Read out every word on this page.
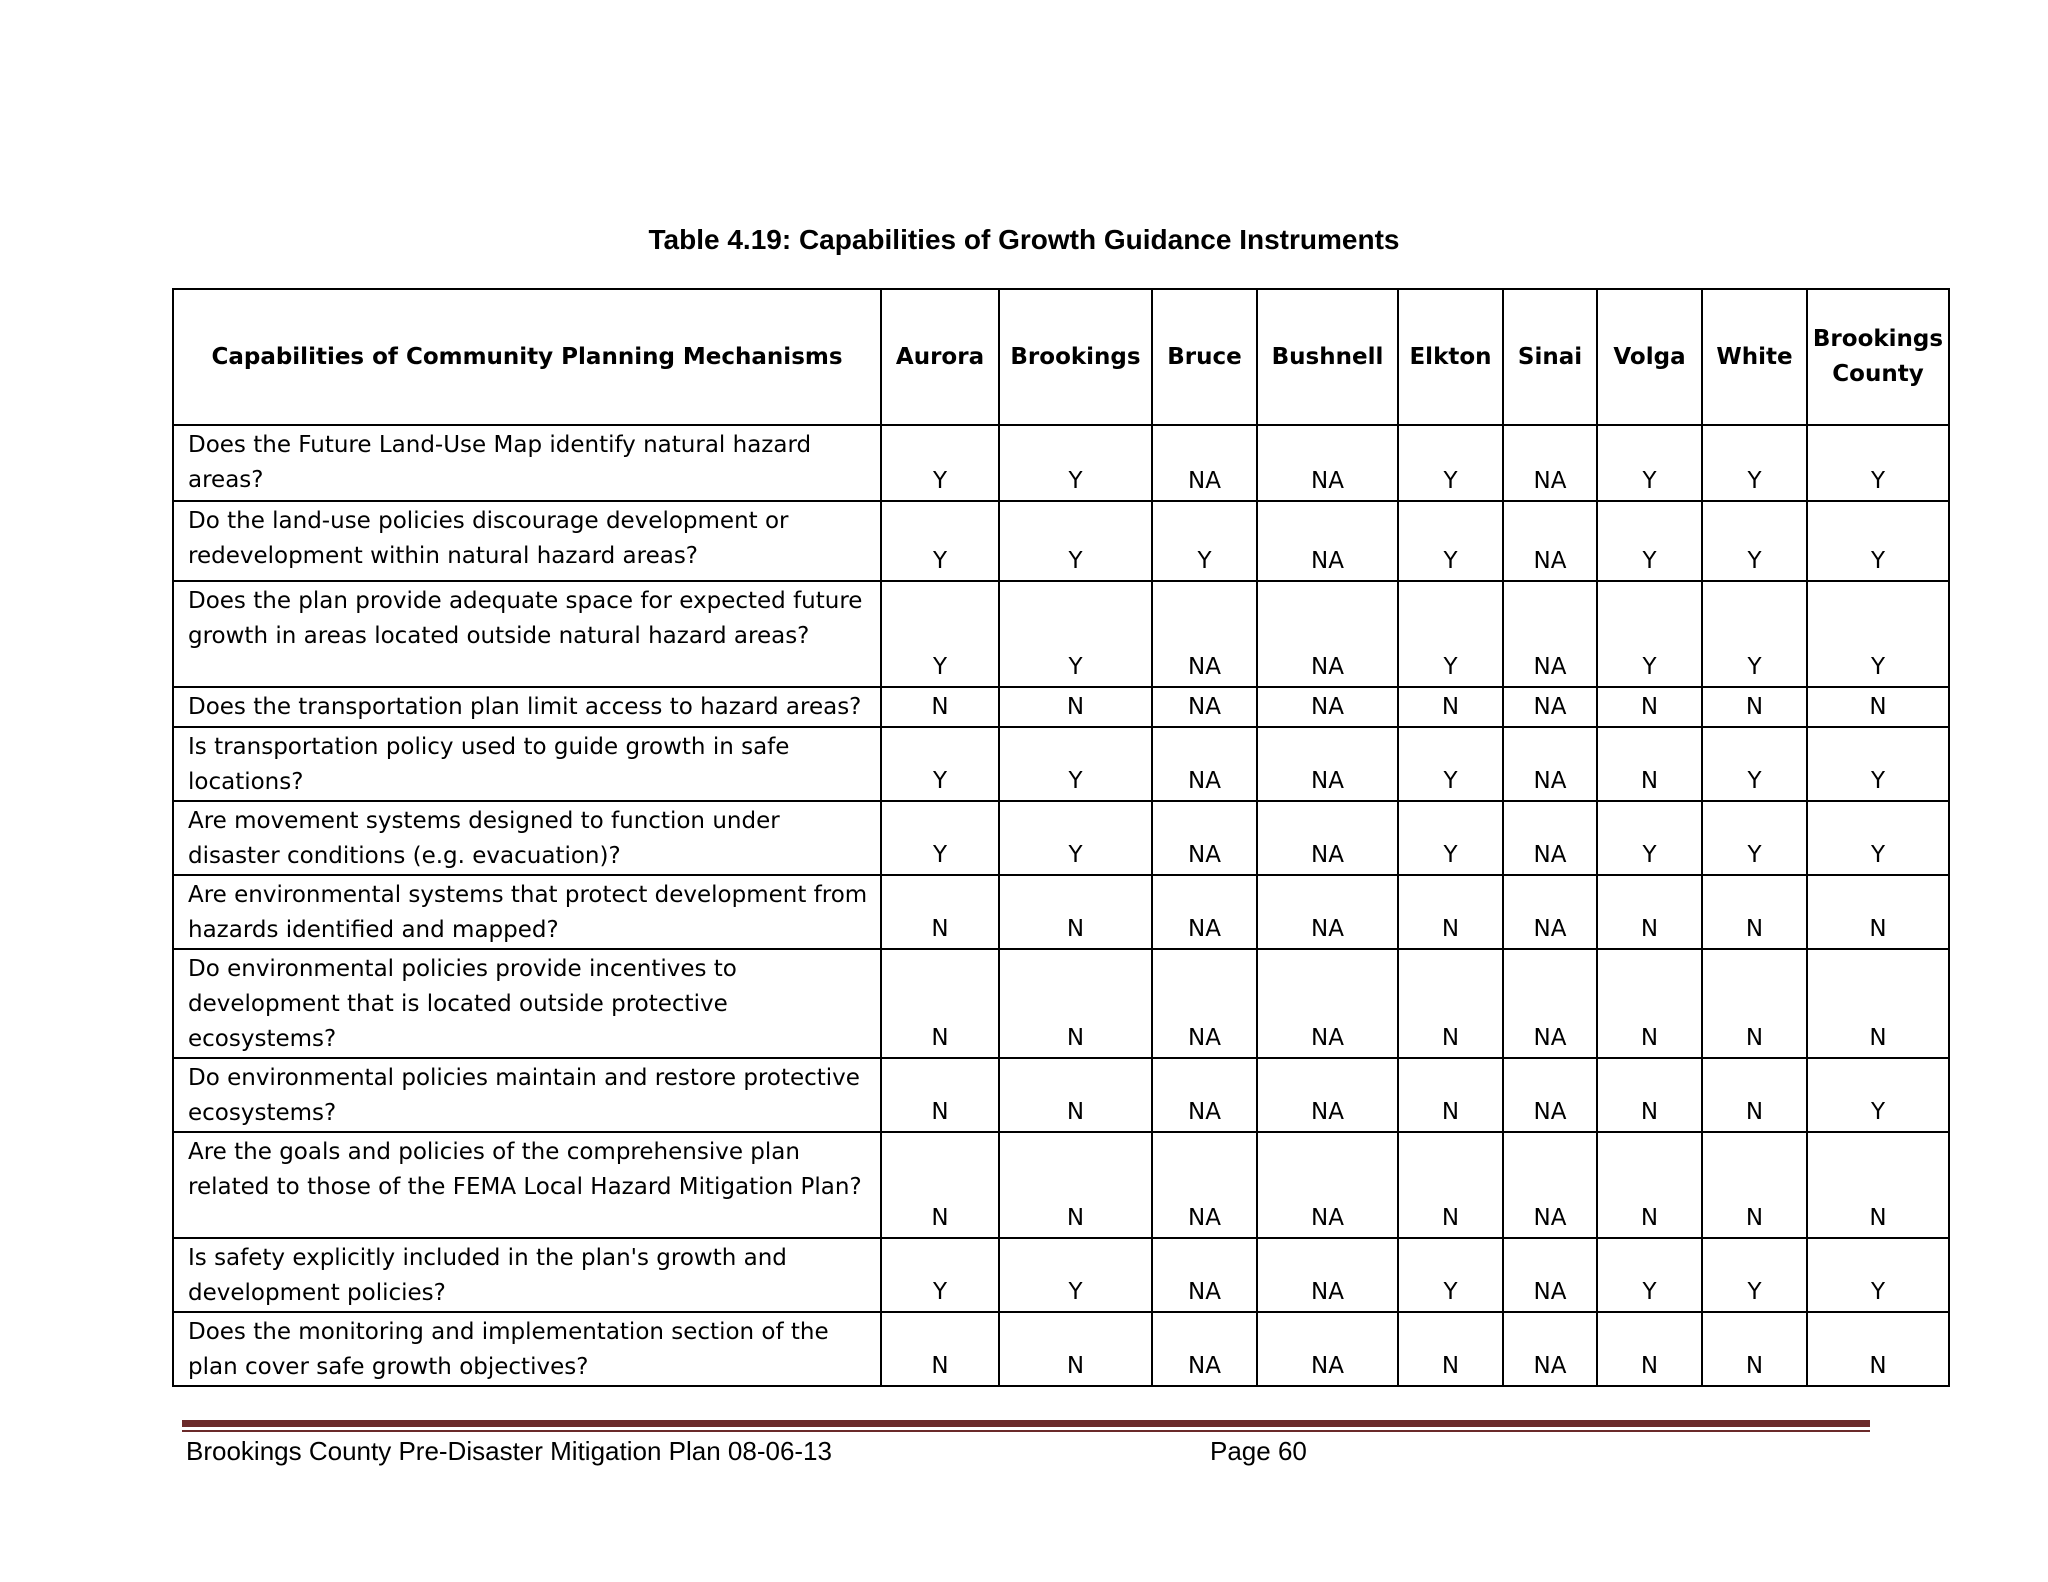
Table 4.19: Capabilities of Growth Guidance Instruments
Capabilities of Community Planning Mechanisms	Aurora	Brookings	Bruce	Bushnell	Elkton	Sinai	Volga	White	Brookings County
Does the Future Land-Use Map identify natural hazard areas?	Y	Y	NA	NA	Y	NA	Y	Y	Y
Do the land-use policies discourage development or redevelopment within natural hazard areas?	Y	Y	Y	NA	Y	NA	Y	Y	Y
Does the plan provide adequate space for expected future growth in areas located outside natural hazard areas?	Y	Y	NA	NA	Y	NA	Y	Y	Y
Does the transportation plan limit access to hazard areas?	N	N	NA	NA	N	NA	N	N	N
Is transportation policy used to guide growth in safe locations?	Y	Y	NA	NA	Y	NA	N	Y	Y
Are movement systems designed to function under disaster conditions (e.g. evacuation)?	Y	Y	NA	NA	Y	NA	Y	Y	Y
Are environmental systems that protect development from hazards identified and mapped?	N	N	NA	NA	N	NA	N	N	N
Do environmental policies provide incentives to development that is located outside protective ecosystems?	N	N	NA	NA	N	NA	N	N	N
Do environmental policies maintain and restore protective ecosystems?	N	N	NA	NA	N	NA	N	N	Y
Are the goals and policies of the comprehensive plan related to those of the FEMA Local Hazard Mitigation Plan?	N	N	NA	NA	N	NA	N	N	N
Is safety explicitly included in the plan's growth and development policies?	Y	Y	NA	NA	Y	NA	Y	Y	Y
Does the monitoring and implementation section of the plan cover safe growth objectives?	N	N	NA	NA	N	NA	N	N	N
Brookings County Pre-Disaster Mitigation Plan 08-06-13	Page 60
